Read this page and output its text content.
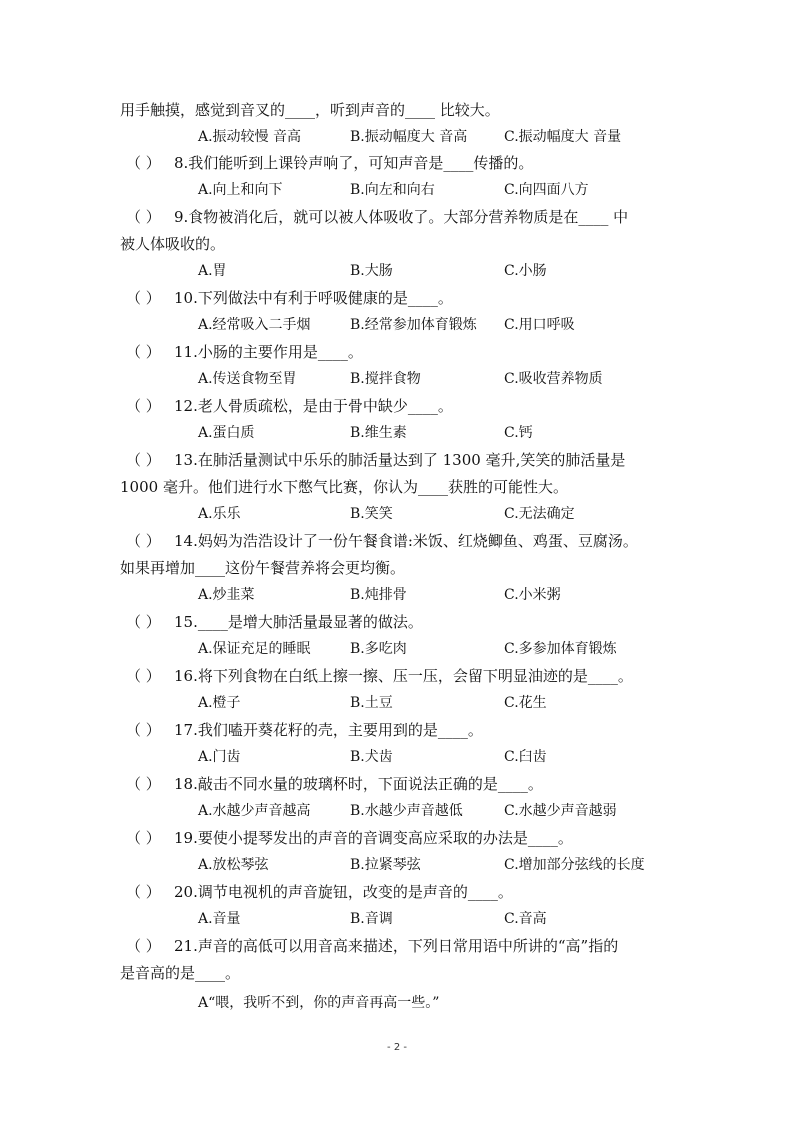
用手触摸，感觉到音叉的____，听到声音的____ 比较大。
A.振动较慢 音高	B.振动幅度大 音高	C.振动幅度大 音量
（ ） 8.我们能听到上课铃声响了，可知声音是____传播的。
A.向上和向下	B.向左和向右	C.向四面八方
（ ） 9.食物被消化后，就可以被人体吸收了。大部分营养物质是在____ 中
被人体吸收的。
A.胃	B.大肠	C.小肠
（ ） 10.下列做法中有利于呼吸健康的是____。
A.经常吸入二手烟	B.经常参加体育锻炼 C.用口呼吸
（ ） 11.小肠的主要作用是____。
A.传送食物至胃	B.搅拌食物	C.吸收营养物质
（ ） 12.老人骨质疏松，是由于骨中缺少____。
A.蛋白质	B.维生素	C.钙
（ ） 13.在肺活量测试中乐乐的肺活量达到了 1300 毫升,笑笑的肺活量是
1000 毫升。他们进行水下憋气比赛，你认为____获胜的可能性大。
A.乐乐	B.笑笑	C.无法确定
（ ） 14.妈妈为浩浩设计了一份午餐食谱:米饭、红烧鲫鱼、鸡蛋、豆腐汤。
如果再增加____这份午餐营养将会更均衡。
A.炒韭菜	B.炖排骨	C.小米粥
（ ） 15.____是增大肺活量最显著的做法。
A.保证充足的睡眠	B.多吃肉	C.多参加体育锻炼
（ ） 16.将下列食物在白纸上擦一擦、压一压，会留下明显油迹的是____。
A.橙子	B.土豆	C.花生
（ ） 17.我们嗑开葵花籽的壳，主要用到的是____。
A.门齿	B.犬齿	C.臼齿
（ ） 18.敲击不同水量的玻璃杯时，下面说法正确的是____。
A.水越少声音越高	B.水越少声音越低	C.水越少声音越弱
（ ） 19.要使小提琴发出的声音的音调变高应采取的办法是____。
A.放松琴弦	B.拉紧琴弦	C.增加部分弦线的长度
（ ） 20.调节电视机的声音旋钮，改变的是声音的____。
A.音量	B.音调	C.音高
（ ） 21.声音的高低可以用音高来描述，下列日常用语中所讲的“高”指的
是音高的是____。
A“喂，我听不到，你的声音再高一些。”
- 2 -
